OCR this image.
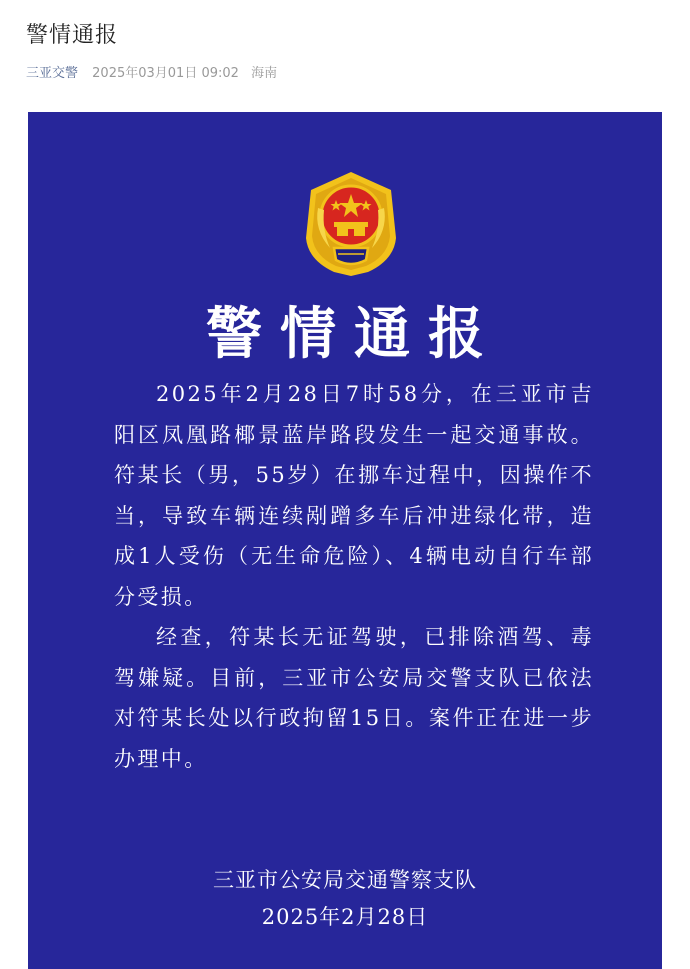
警情通报
三亚交警 2025年03月01日 09:02 海南
警情通报

2025年2月28日7时58分，在三亚市吉阳区凤凰路椰景蓝岸路段发生一起交通事故。符某长（男，55岁）在挪车过程中，因操作不当，导致车辆连续剐蹭多车后冲进绿化带，造成1人受伤（无生命危险）、4辆电动自行车部分受损。

经查，符某长无证驾驶，已排除酒驾、毒驾嫌疑。目前，三亚市公安局交警支队已依法对符某长处以行政拘留15日。案件正在进一步办理中。

三亚市公安局交通警察支队
2025年2月28日
